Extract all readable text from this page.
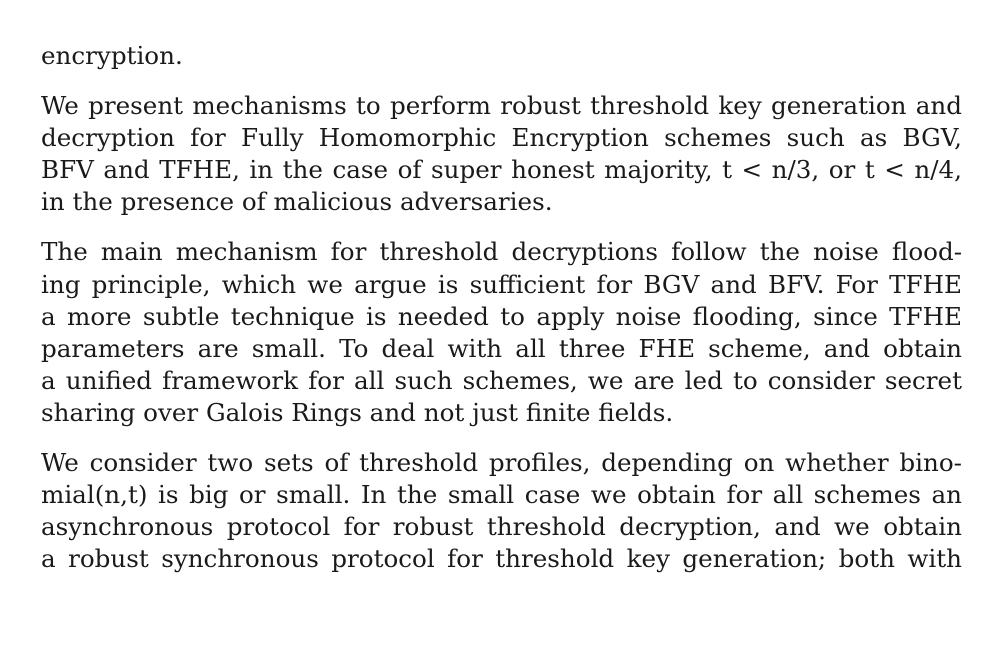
encryption.

We present mechanisms to perform robust threshold key generation and
decryption for Fully Homomorphic Encryption schemes such as BGV,
BFV and TFHE, in the case of super honest majority, t < n/3, or t < n/4,
in the presence of malicious adversaries.

The main mechanism for threshold decryptions follow the noise flood-
ing principle, which we argue is sufficient for BGV and BFV. For TFHE
a more subtle technique is needed to apply noise flooding, since TFHE
parameters are small. To deal with all three FHE scheme, and obtain
a unified framework for all such schemes, we are led to consider secret
sharing over Galois Rings and not just finite fields.

We consider two sets of threshold profiles, depending on whether bino-
mial(n,t) is big or small. In the small case we obtain for all schemes an
asynchronous protocol for robust threshold decryption, and we obtain
a robust synchronous protocol for threshold key generation; both with
